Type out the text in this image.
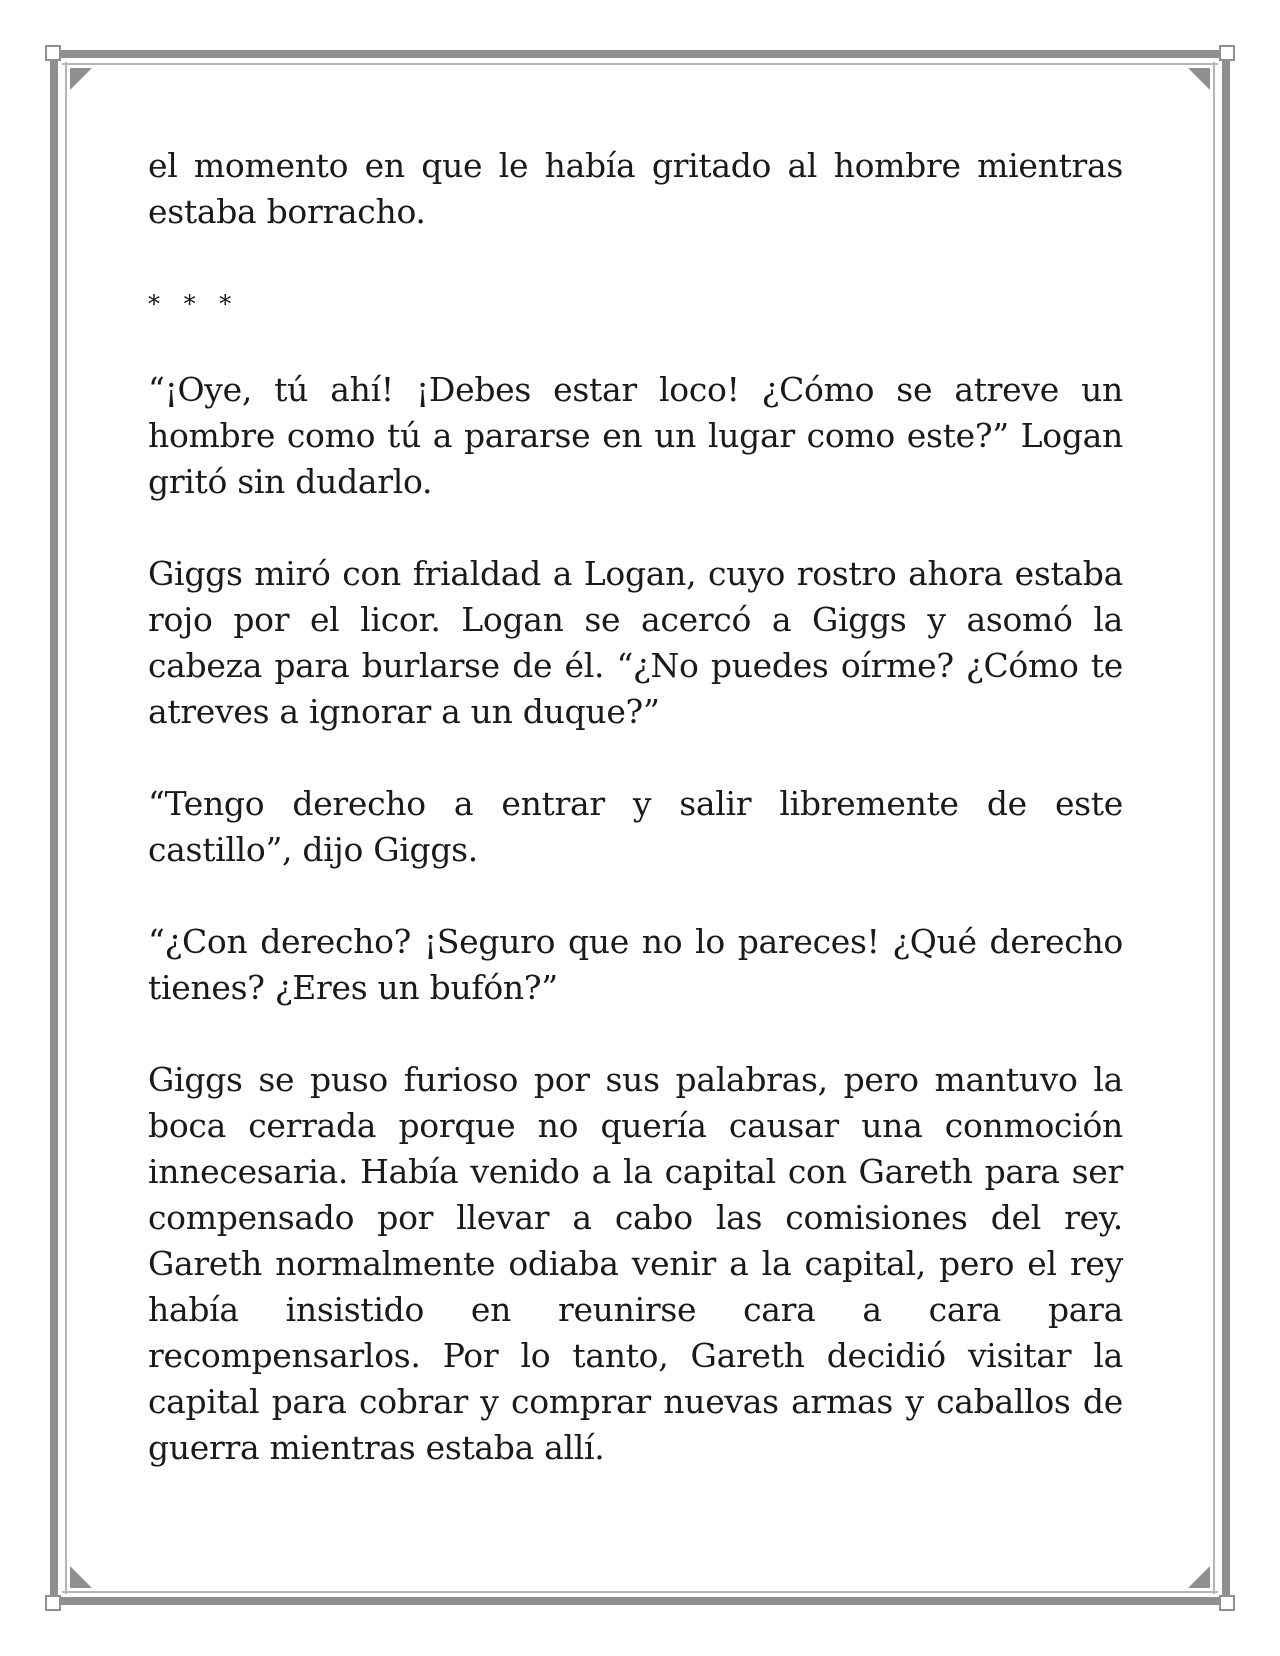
el momento en que le había gritado al hombre mientras estaba borracho.

* * *

“¡Oye, tú ahí! ¡Debes estar loco! ¿Cómo se atreve un hombre como tú a pararse en un lugar como este?” Logan gritó sin dudarlo.

Giggs miró con frialdad a Logan, cuyo rostro ahora estaba rojo por el licor. Logan se acercó a Giggs y asomó la cabeza para burlarse de él. “¿No puedes oírme? ¿Cómo te atreves a ignorar a un duque?”

“Tengo derecho a entrar y salir libremente de este castillo”, dijo Giggs.

“¿Con derecho? ¡Seguro que no lo pareces! ¿Qué derecho tienes? ¿Eres un bufón?”

Giggs se puso furioso por sus palabras, pero mantuvo la boca cerrada porque no quería causar una conmoción innecesaria. Había venido a la capital con Gareth para ser compensado por llevar a cabo las comisiones del rey. Gareth normalmente odiaba venir a la capital, pero el rey había insistido en reunirse cara a cara para recompensarlos. Por lo tanto, Gareth decidió visitar la capital para cobrar y comprar nuevas armas y caballos de guerra mientras estaba allí.
